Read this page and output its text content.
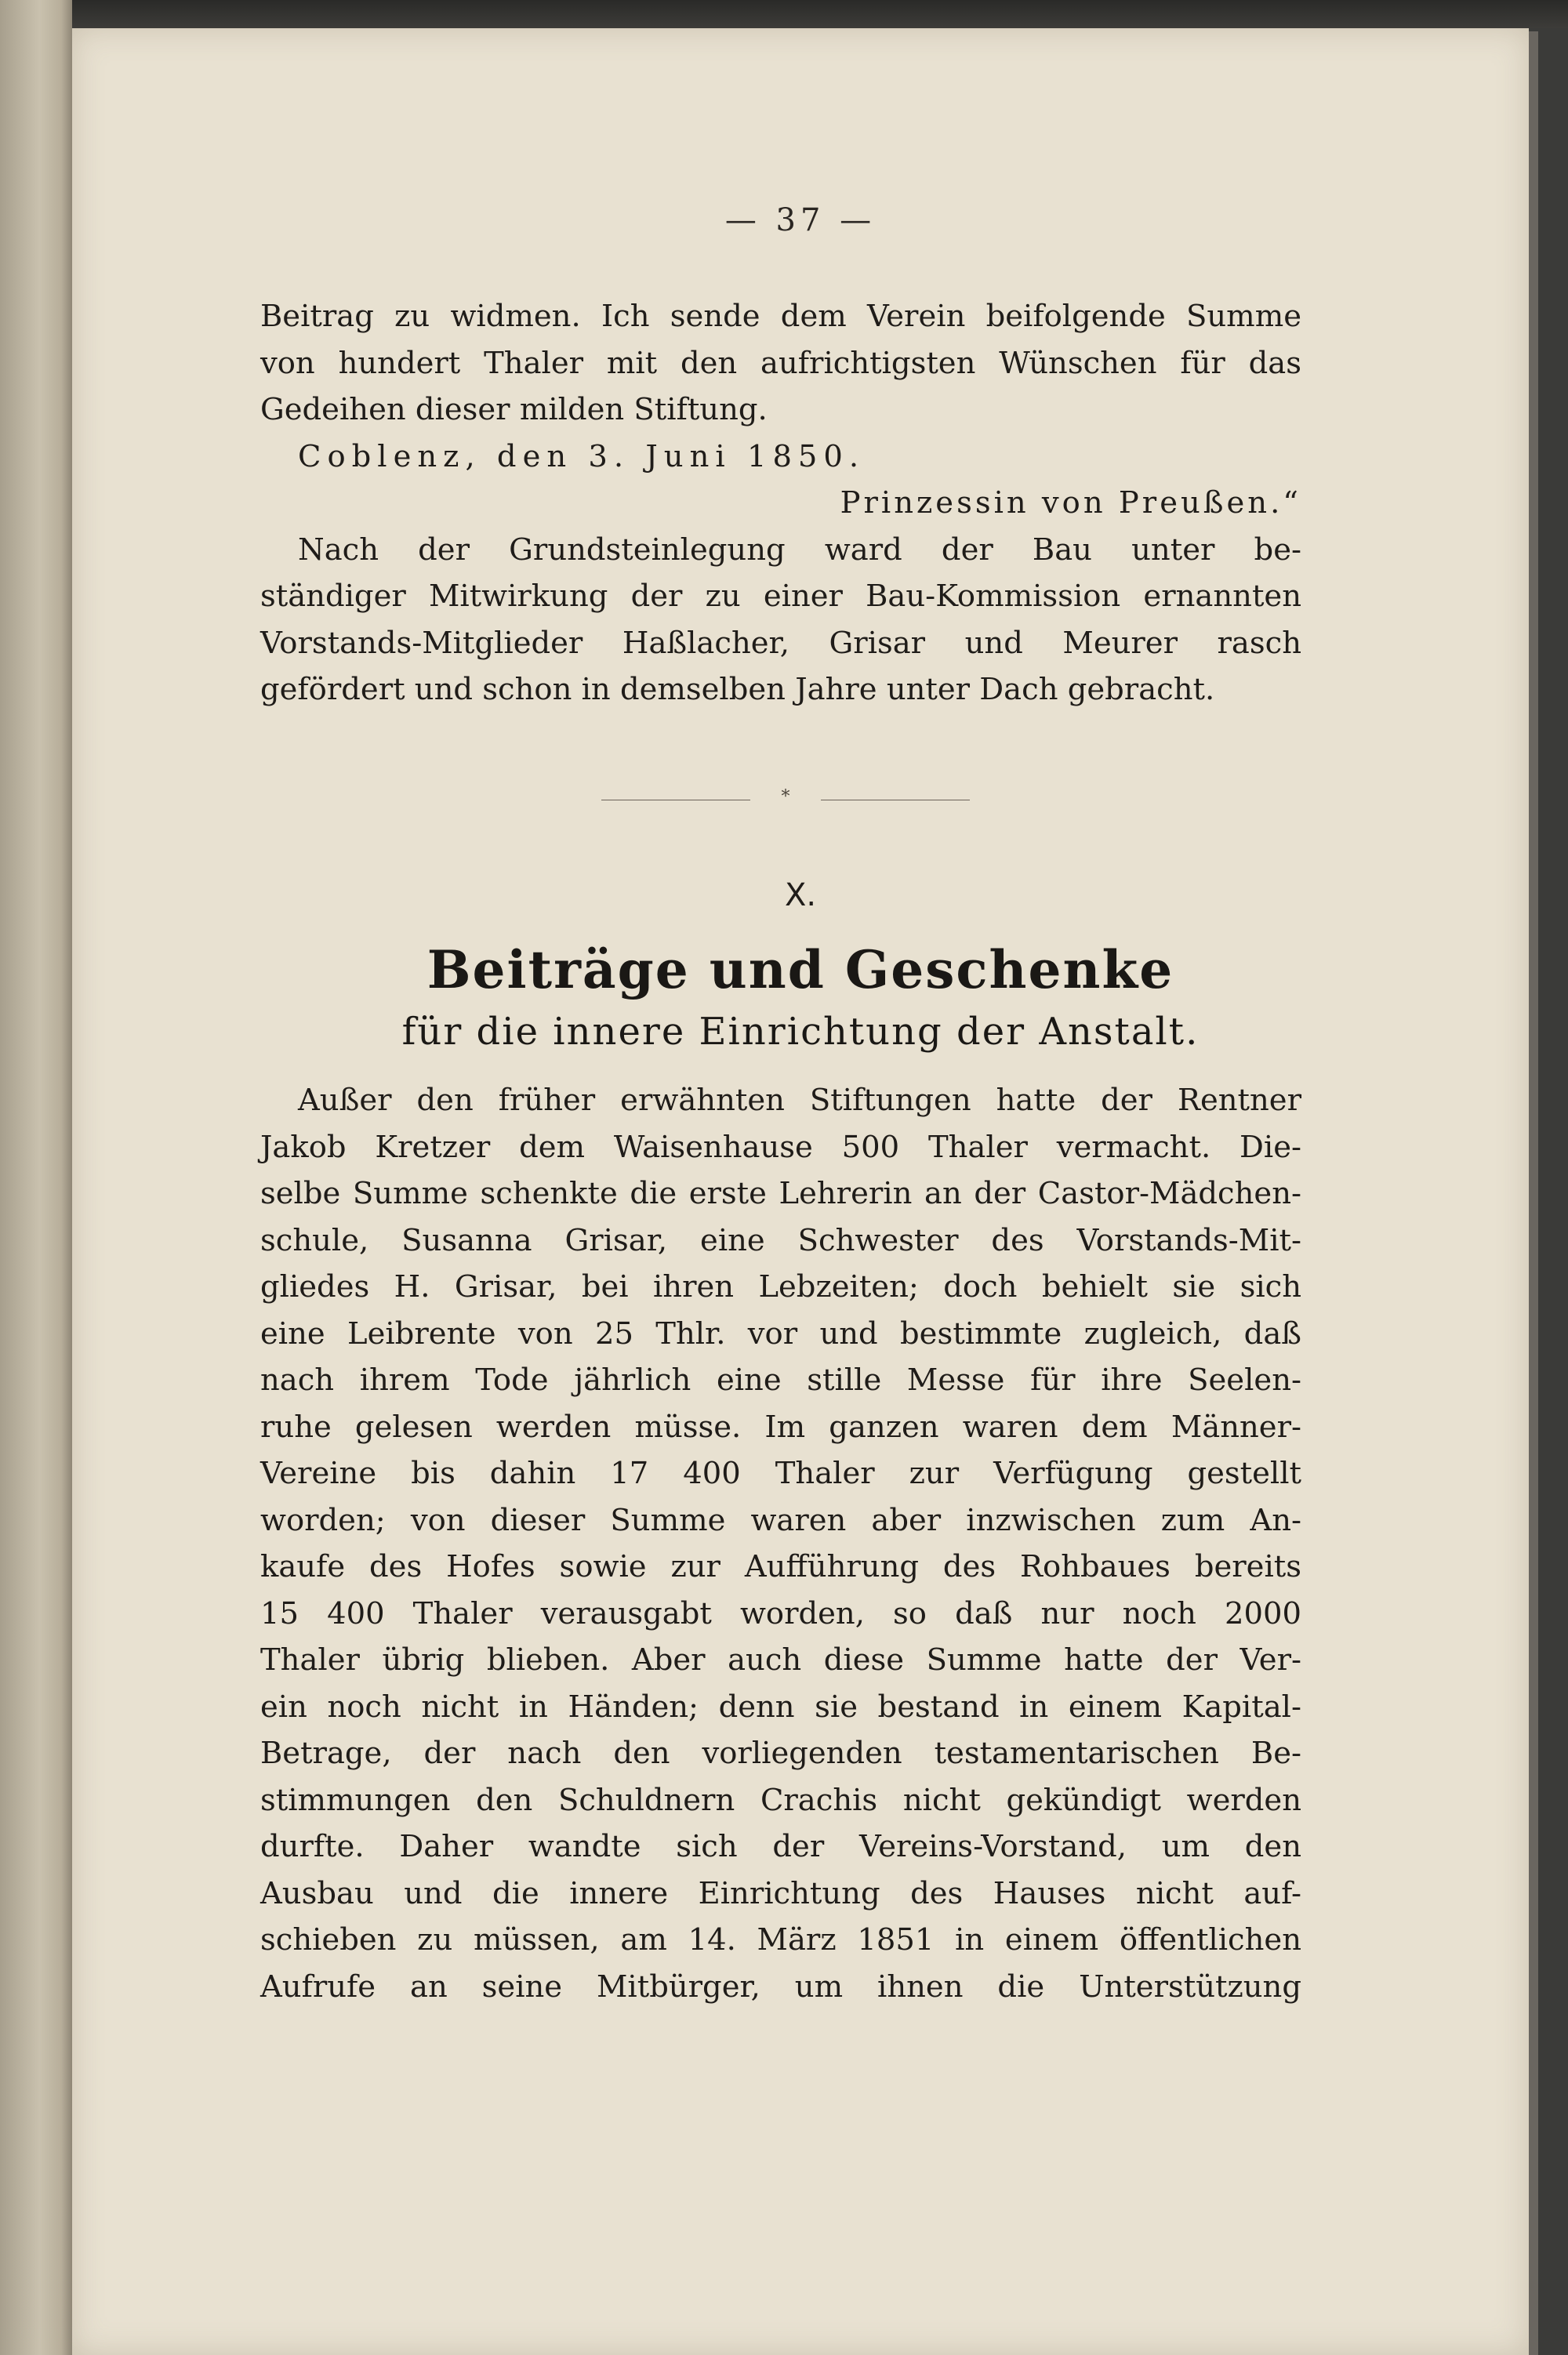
— 37 —
Beitrag zu widmen. Ich sende dem Verein beifolgende Summe
von hundert Thaler mit den aufrichtigsten Wünschen für das
Gedeihen dieser milden Stiftung.
Coblenz, den 3. Juni 1850.
Prinzessin von Preußen.“
Nach der Grundsteinlegung ward der Bau unter be-
ständiger Mitwirkung der zu einer Bau-Kommission ernannten
Vorstands-Mitglieder Haßlacher, Grisar und Meurer rasch
gefördert und schon in demselben Jahre unter Dach gebracht.
*
X.
Beiträge und Geschenke
für die innere Einrichtung der Anstalt.
Außer den früher erwähnten Stiftungen hatte der Rentner
Jakob Kretzer dem Waisenhause 500 Thaler vermacht. Die-
selbe Summe schenkte die erste Lehrerin an der Castor-Mädchen-
schule, Susanna Grisar, eine Schwester des Vorstands-Mit-
gliedes H. Grisar, bei ihren Lebzeiten; doch behielt sie sich
eine Leibrente von 25 Thlr. vor und bestimmte zugleich, daß
nach ihrem Tode jährlich eine stille Messe für ihre Seelen-
ruhe gelesen werden müsse. Im ganzen waren dem Männer-
Vereine bis dahin 17 400 Thaler zur Verfügung gestellt
worden; von dieser Summe waren aber inzwischen zum An-
kaufe des Hofes sowie zur Aufführung des Rohbaues bereits
15 400 Thaler verausgabt worden, so daß nur noch 2000
Thaler übrig blieben. Aber auch diese Summe hatte der Ver-
ein noch nicht in Händen; denn sie bestand in einem Kapital-
Betrage, der nach den vorliegenden testamentarischen Be-
stimmungen den Schuldnern Crachis nicht gekündigt werden
durfte. Daher wandte sich der Vereins-Vorstand, um den
Ausbau und die innere Einrichtung des Hauses nicht auf-
schieben zu müssen, am 14. März 1851 in einem öffentlichen
Aufrufe an seine Mitbürger, um ihnen die Unterstützung
